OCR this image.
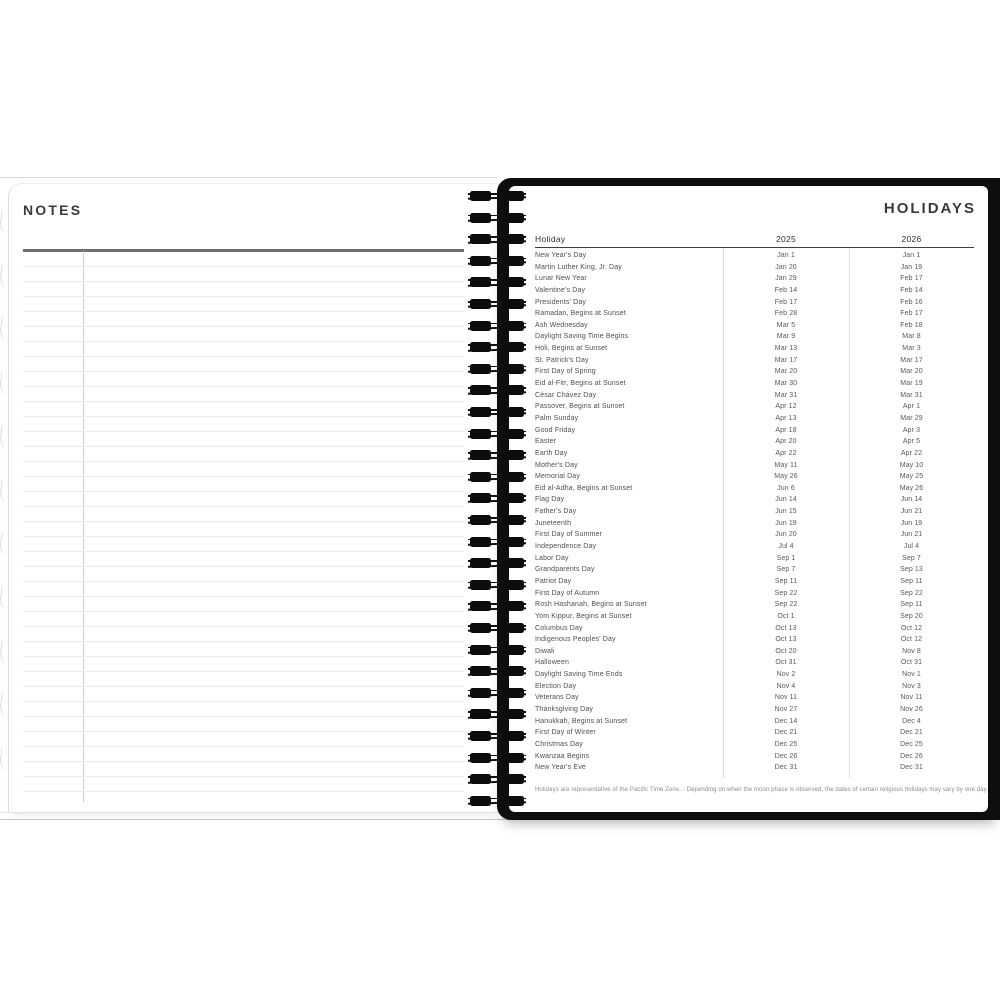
NOTES	HOLIDAYS
Holiday	2025	2026
New Year's Day	Jan 1	Jan 1
Martin Luther King, Jr. Day	Jan 20	Jan 19
Lunar New Year	Jan 29	Feb 17
Valentine's Day	Feb 14	Feb 14
Presidents' Day	Feb 17	Feb 16
Ramadan, Begins at Sunset	Feb 28	Feb 17
Ash Wednesday	Mar 5	Feb 18
Daylight Saving Time Begins	Mar 9	Mar 8
Holi, Begins at Sunset	Mar 13	Mar 3
St. Patrick's Day	Mar 17	Mar 17
First Day of Spring	Mar 20	Mar 20
Eid al-Fitr, Begins at Sunset	Mar 30	Mar 19
César Chávez Day	Mar 31	Mar 31
Passover, Begins at Sunset	Apr 12	Apr 1
Palm Sunday	Apr 13	Mar 29
Good Friday	Apr 18	Apr 3
Easter	Apr 20	Apr 5
Earth Day	Apr 22	Apr 22
Mother's Day	May 11	May 10
Memorial Day	May 26	May 25
Eid al-Adha, Begins at Sunset	Jun 6	May 26
Flag Day	Jun 14	Jun 14
Father's Day	Jun 15	Jun 21
Juneteenth	Jun 19	Jun 19
First Day of Summer	Jun 20	Jun 21
Independence Day	Jul 4	Jul 4
Labor Day	Sep 1	Sep 7
Grandparents Day	Sep 7	Sep 13
Patriot Day	Sep 11	Sep 11
First Day of Autumn	Sep 22	Sep 22
Rosh Hashanah, Begins at Sunset	Sep 22	Sep 11
Yom Kippur, Begins at Sunset	Oct 1	Sep 20
Columbus Day	Oct 13	Oct 12
Indigenous Peoples' Day	Oct 13	Oct 12
Diwali	Oct 20	Nov 8
Halloween	Oct 31	Oct 31
Daylight Saving Time Ends	Nov 2	Nov 1
Election Day	Nov 4	Nov 3
Veterans Day	Nov 11	Nov 11
Thanksgiving Day	Nov 27	Nov 26
Hanukkah, Begins at Sunset	Dec 14	Dec 4
First Day of Winter	Dec 21	Dec 21
Christmas Day	Dec 25	Dec 25
Kwanzaa Begins	Dec 26	Dec 26
New Year's Eve	Dec 31	Dec 31
Holidays are representative of the Pacific Time Zone. · Depending on when the moon phase is observed, the dates of certain religious holidays may vary by one day.
